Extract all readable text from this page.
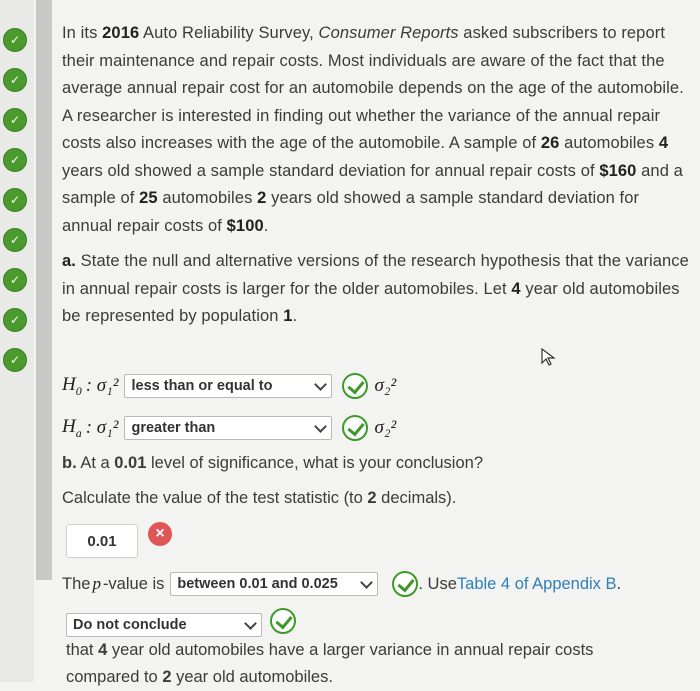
✓
✓
✓
✓
✓
✓
✓
✓
✓

In its 2016 Auto Reliability Survey, Consumer Reports asked subscribers to report their maintenance and repair costs. Most individuals are aware of the fact that the average annual repair cost for an automobile depends on the age of the automobile. A researcher is interested in finding out whether the variance of the annual repair costs also increases with the age of the automobile. A sample of 26 automobiles 4 years old showed a sample standard deviation for annual repair costs of $160 and a sample of 25 automobiles 2 years old showed a sample standard deviation for annual repair costs of $100.

a. State the null and alternative versions of the research hypothesis that the variance in annual repair costs is larger for the older automobiles. Let 4 year old automobiles be represented by population 1.

$H_0$ : σ₁² less than or equal to	σ₂²
$H_a$ : σ₁² greater than	σ₂²
b. At a 0.01 level of significance, what is your conclusion?
Calculate the value of the test statistic (to 2 decimals).
0.01	×
The p -value is between 0.01 and 0.025	. Use Table 4 of Appendix B .
Do not conclude
that 4 year old automobiles have a larger variance in annual repair costs compared to 2 year old automobiles.
